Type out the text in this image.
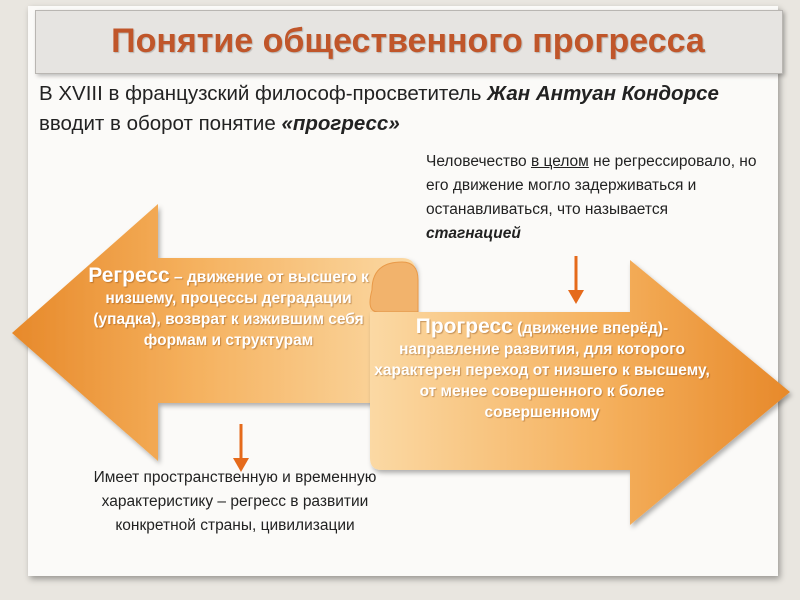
Понятие общественного прогресса
В XVIII в французский философ-просветитель Жан Антуан Кондорсе вводит в оборот понятие «прогресс»
Человечество в целом не регрессировало, но его движение могло задерживаться и останавливаться, что называется стагнацией
Регресс – движение от высшего к низшему, процессы деградации (упадка), возврат к изжившим себя формам и структурам
Прогресс (движение вперёд)- направление развития, для которого характерен переход от низшего к высшему, от менее совершенного к более совершенному
Имеет пространственную и временную характеристику – регресс в развитии конкретной страны, цивилизации
